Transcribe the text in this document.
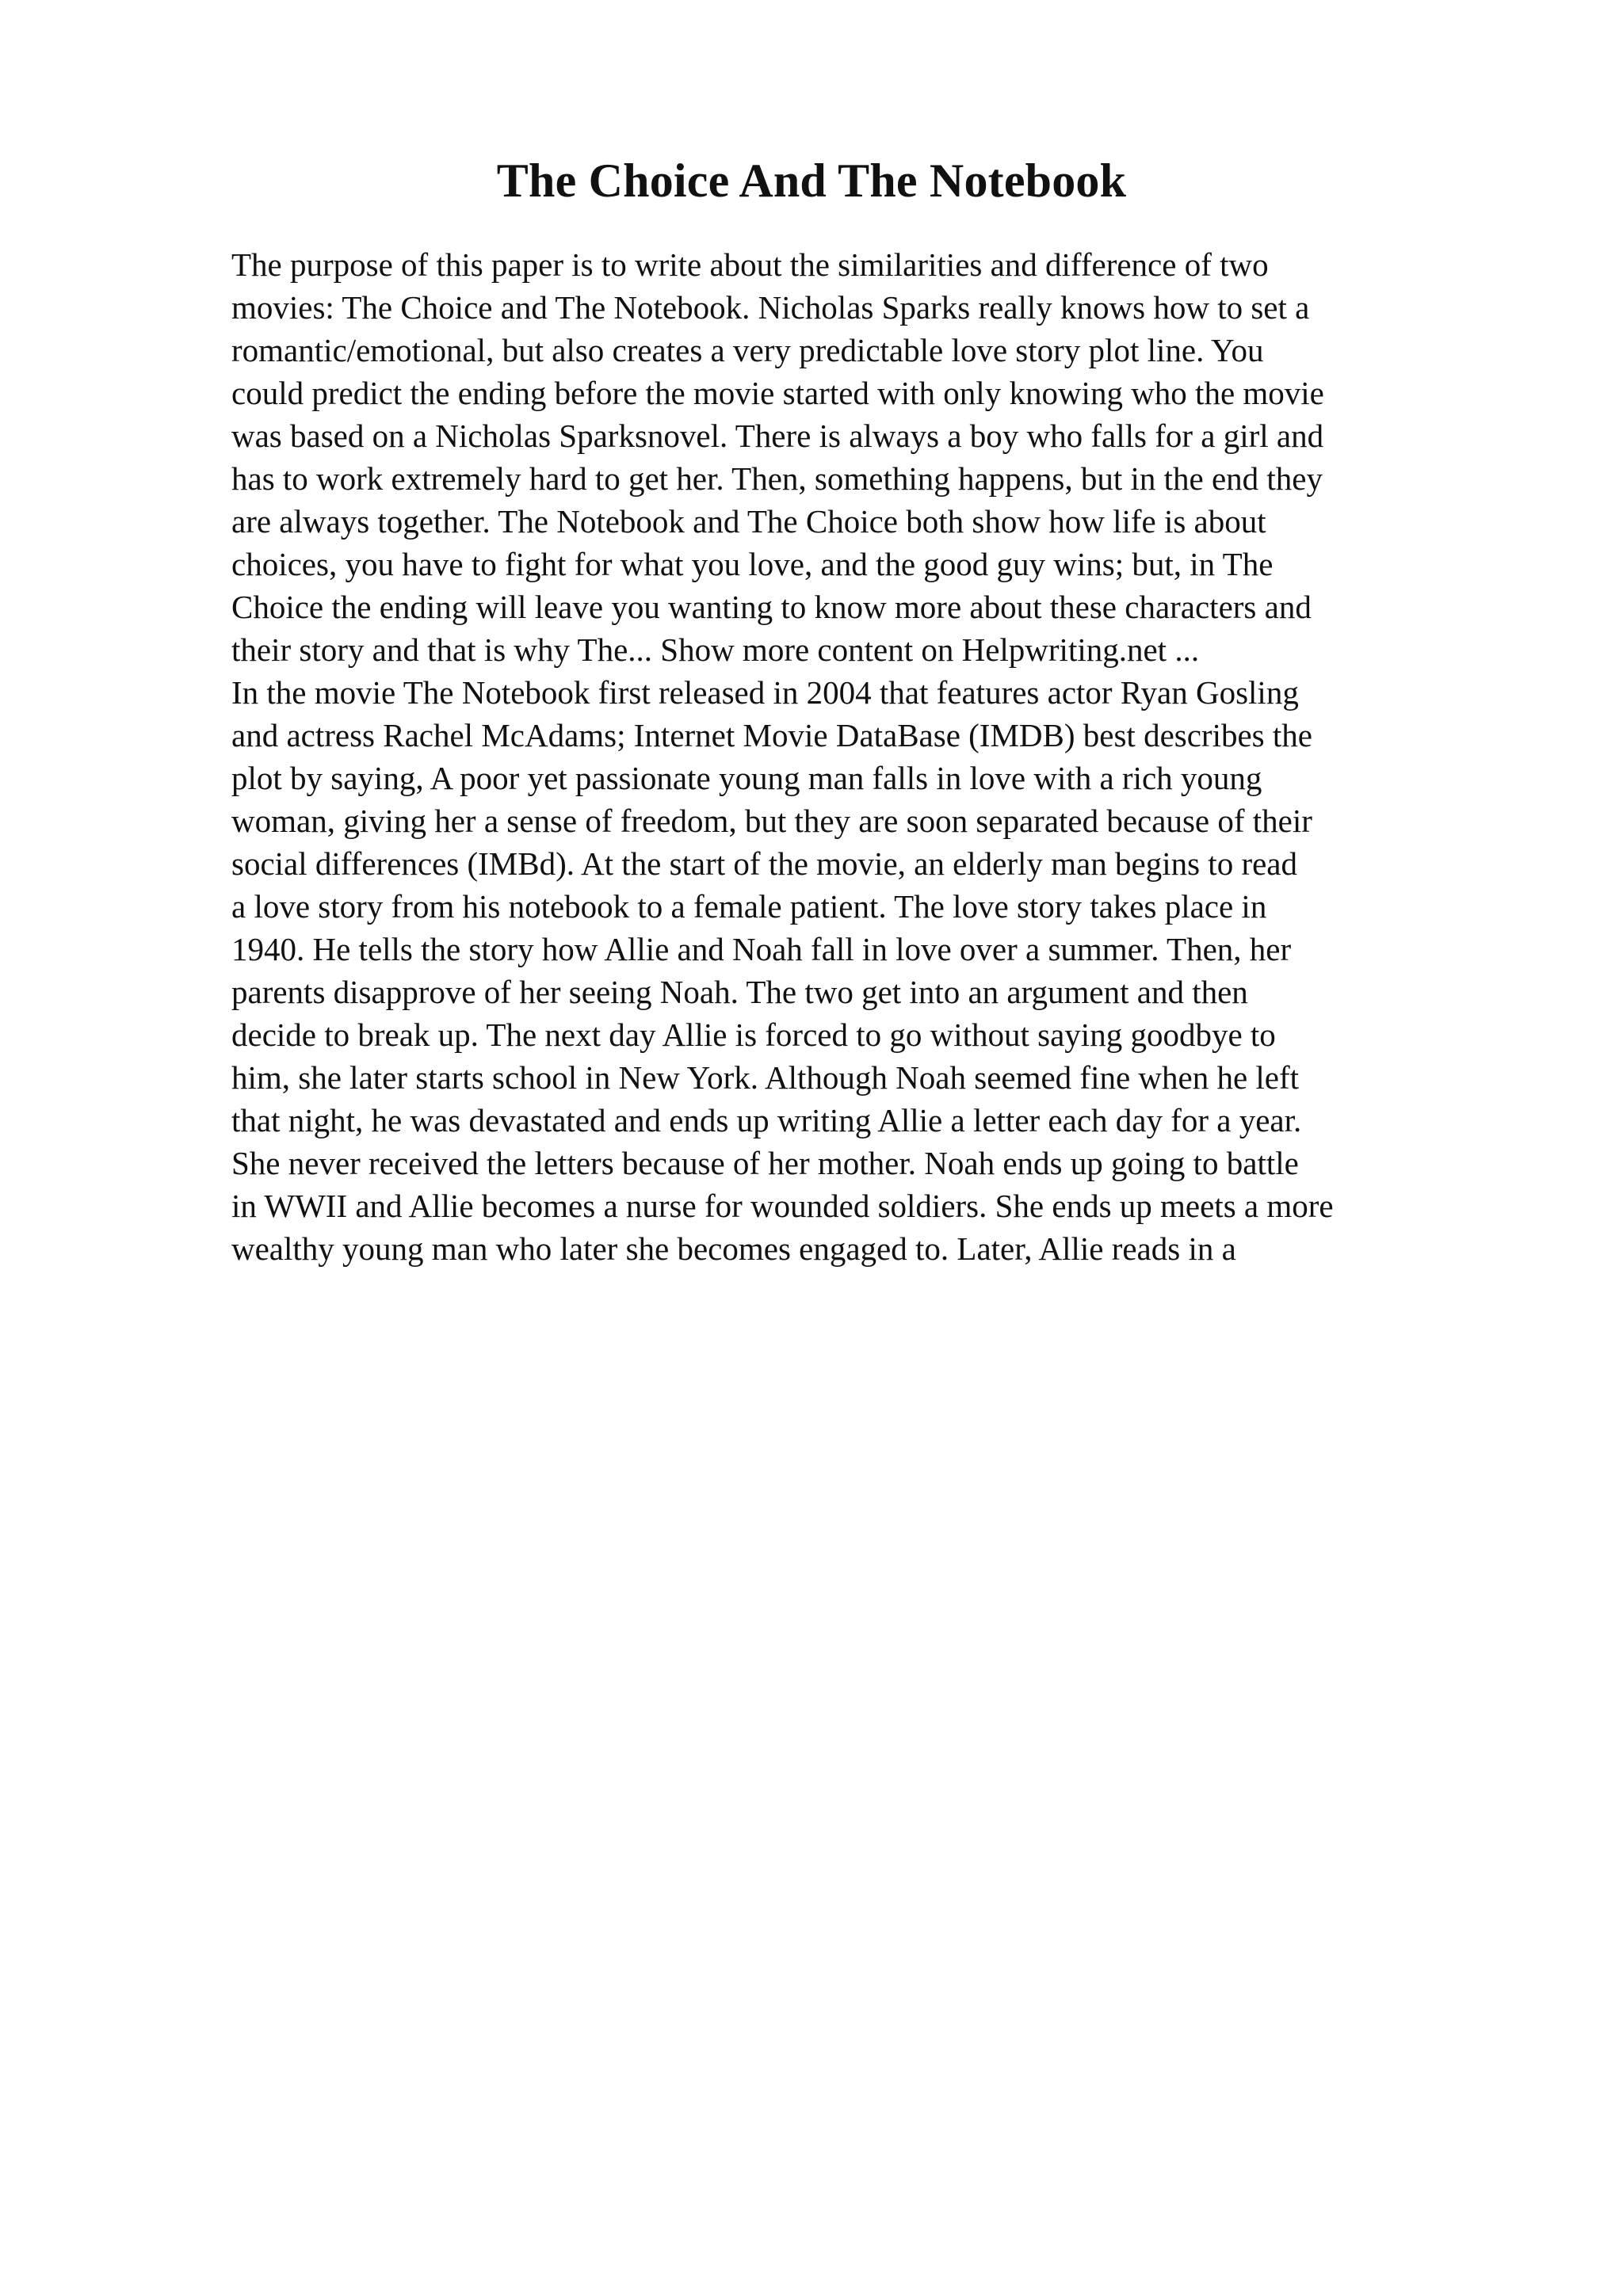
The Choice And The Notebook
The purpose of this paper is to write about the similarities and difference of two
movies: The Choice and The Notebook. Nicholas Sparks really knows how to set a
romantic/emotional, but also creates a very predictable love story plot line. You
could predict the ending before the movie started with only knowing who the movie
was based on a Nicholas Sparksnovel. There is always a boy who falls for a girl and
has to work extremely hard to get her. Then, something happens, but in the end they
are always together. The Notebook and The Choice both show how life is about
choices, you have to fight for what you love, and the good guy wins; but, in The
Choice the ending will leave you wanting to know more about these characters and
their story and that is why The... Show more content on Helpwriting.net ...
In the movie The Notebook first released in 2004 that features actor Ryan Gosling
and actress Rachel McAdams; Internet Movie DataBase (IMDB) best describes the
plot by saying, A poor yet passionate young man falls in love with a rich young
woman, giving her a sense of freedom, but they are soon separated because of their
social differences (IMBd). At the start of the movie, an elderly man begins to read
a love story from his notebook to a female patient. The love story takes place in
1940. He tells the story how Allie and Noah fall in love over a summer. Then, her
parents disapprove of her seeing Noah. The two get into an argument and then
decide to break up. The next day Allie is forced to go without saying goodbye to
him, she later starts school in New York. Although Noah seemed fine when he left
that night, he was devastated and ends up writing Allie a letter each day for a year.
She never received the letters because of her mother. Noah ends up going to battle
in WWII and Allie becomes a nurse for wounded soldiers. She ends up meets a more
wealthy young man who later she becomes engaged to. Later, Allie reads in a
